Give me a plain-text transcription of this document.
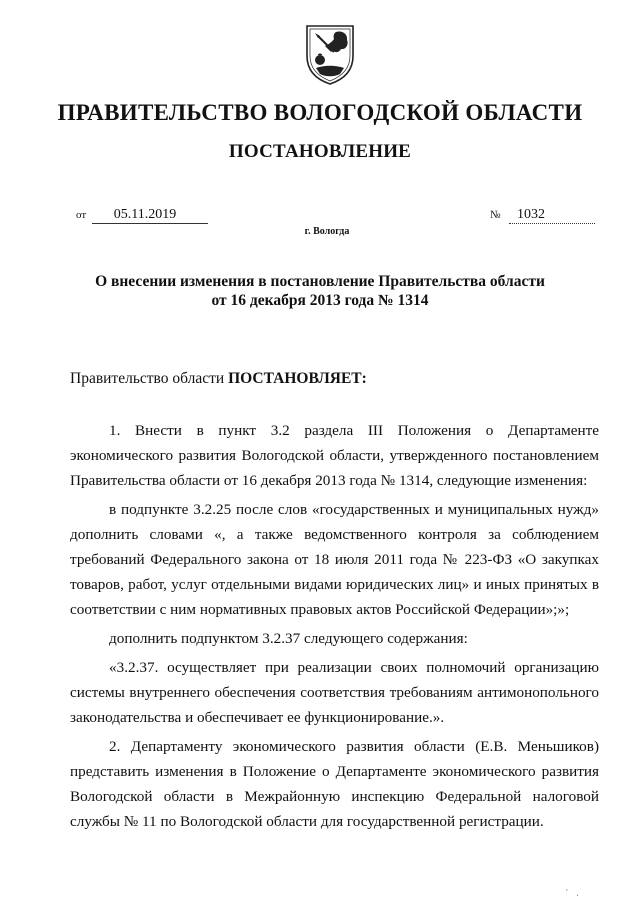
ПРАВИТЕЛЬСТВО ВОЛОГОДСКОЙ ОБЛАСТИ
ПОСТАНОВЛЕНИЕ
от	05.11.2019	№	1032
г. Вологда
О внесении изменения в постановление Правительства области
от 16 декабря 2013 года № 1314
Правительство области ПОСТАНОВЛЯЕТ:

1. Внести в пункт 3.2 раздела III Положения о Департаменте экономического развития Вологодской области, утвержденного постановлением Правительства области от 16 декабря 2013 года № 1314, следующие изменения:

в подпункте 3.2.25 после слов «государственных и муниципальных нужд» дополнить словами «, а также ведомственного контроля за соблюдением требований Федерального закона от 18 июля 2011 года № 223-ФЗ «О закупках товаров, работ, услуг отдельными видами юридических лиц» и иных принятых в соответствии с ним нормативных правовых актов Российской Федерации»;»;

дополнить подпунктом 3.2.37 следующего содержания:

«3.2.37. осуществляет при реализации своих полномочий организацию системы внутреннего обеспечения соответствия требованиям антимонопольного законодательства и обеспечивает ее функционирование.».

2. Департаменту экономического развития области (Е.В. Меньшиков) представить изменения в Положение о Департаменте экономического развития Вологодской области в Межрайонную инспекцию Федеральной налоговой службы № 11 по Вологодской области для государственной регистрации.

' .
